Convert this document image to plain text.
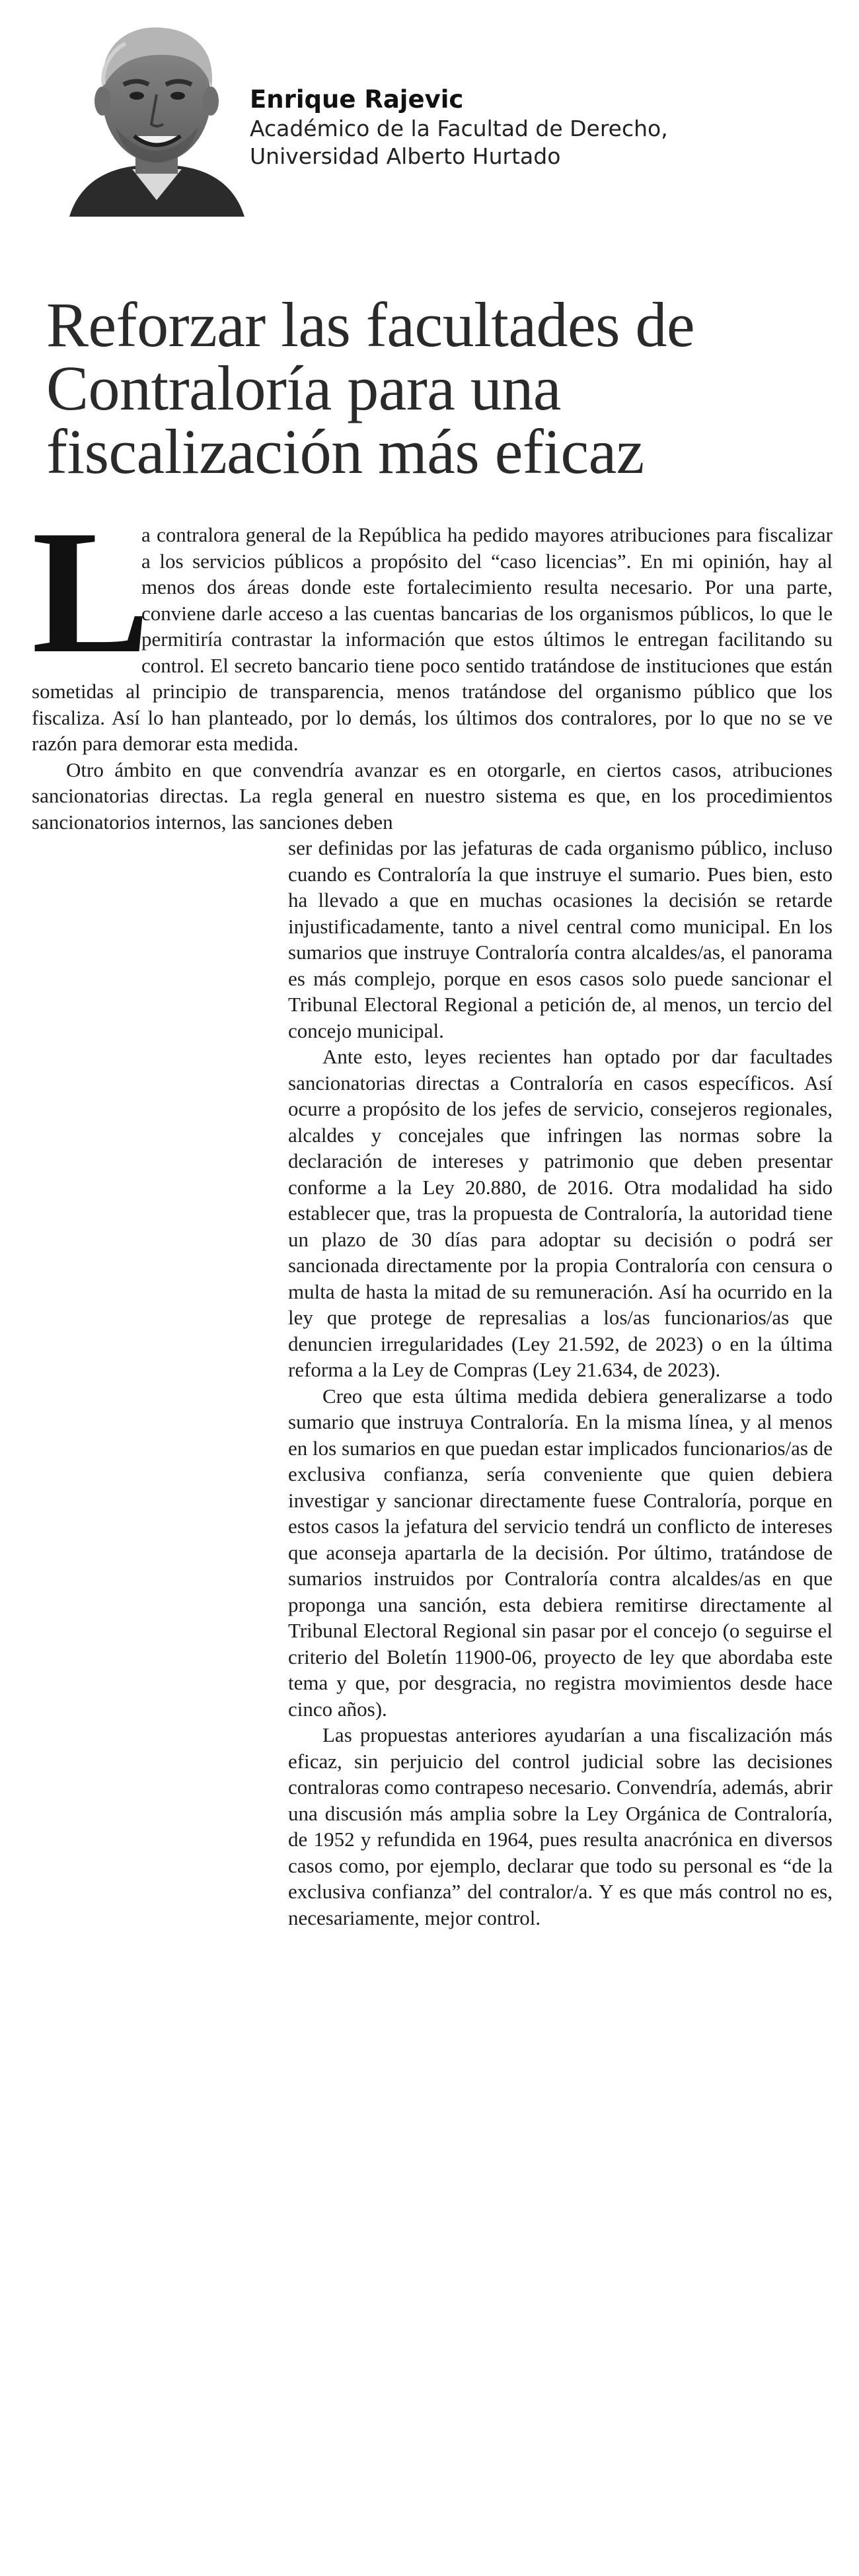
Enrique Rajevic
Académico de la Facultad de Derecho,
Universidad Alberto Hurtado
Reforzar las facultades de Contraloría para una fiscalización más eficaz

L
a contralora general de la República ha pedido mayores atribuciones para fiscalizar a los servicios públicos a propósito del “caso licencias”. En mi opinión, hay al menos dos áreas donde este fortalecimiento resulta necesario. Por una parte, conviene darle acceso a las cuentas bancarias de los organismos públicos, lo que le permitiría contrastar la información que estos últimos le entregan facilitando su control. El secreto bancario tiene poco sentido tratándose de instituciones que están sometidas al principio de transparencia, menos tratándose del organismo público que los fiscaliza. Así lo han planteado, por lo demás, los últimos dos contralores, por lo que no se ve razón para demorar esta medida.

Otro ámbito en que convendría avanzar es en otorgarle, en ciertos casos, atribuciones sancionatorias directas. La regla general en nuestro sistema es que, en los procedimientos sancionatorios internos, las sanciones deben

ser definidas por las jefaturas de cada organismo público, incluso cuando es Contraloría la que instruye el sumario. Pues bien, esto ha llevado a que en muchas ocasiones la decisión se retarde injustificadamente, tanto a nivel central como municipal. En los sumarios que instruye Contraloría contra alcaldes/as, el panorama es más complejo, porque en esos casos solo puede sancionar el Tribunal Electoral Regional a petición de, al menos, un tercio del concejo municipal.

Ante esto, leyes recientes han optado por dar facultades sancionatorias directas a Contraloría en casos específicos. Así ocurre a propósito de los jefes de servicio, consejeros regionales, alcaldes y concejales que infringen las normas sobre la declaración de intereses y patrimonio que deben presentar conforme a la Ley 20.880, de 2016. Otra modalidad ha sido establecer que, tras la propuesta de Contraloría, la autoridad tiene un plazo de 30 días para adoptar su decisión o podrá ser sancionada directamente por la propia Contraloría con censura o multa de hasta la mitad de su remuneración. Así ha ocurrido en la ley que protege de represalias a los/as funcionarios/as que denuncien irregularidades (Ley 21.592, de 2023) o en la última reforma a la Ley de Compras (Ley 21.634, de 2023).

Creo que esta última medida debiera generalizarse a todo sumario que instruya Contraloría. En la misma línea, y al menos en los sumarios en que puedan estar implicados funcionarios/as de exclusiva confianza, sería conveniente que quien debiera investigar y sancionar directamente fuese Contraloría, porque en estos casos la jefatura del servicio tendrá un conflicto de intereses que aconseja apartarla de la decisión. Por último, tratándose de sumarios instruidos por Contraloría contra alcaldes/as en que proponga una sanción, esta debiera remitirse directamente al Tribunal Electoral Regional sin pasar por el concejo (o seguirse el criterio del Boletín 11900-06, proyecto de ley que abordaba este tema y que, por desgracia, no registra movimientos desde hace cinco años).

Las propuestas anteriores ayudarían a una fiscalización más eficaz, sin perjuicio del control judicial sobre las decisiones contraloras como contrapeso necesario. Convendría, además, abrir una discusión más amplia sobre la Ley Orgánica de Contraloría, de 1952 y refundida en 1964, pues resulta anacrónica en diversos casos como, por ejemplo, declarar que todo su personal es “de la exclusiva confianza” del contralor/a. Y es que más control no es, necesariamente, mejor control.
